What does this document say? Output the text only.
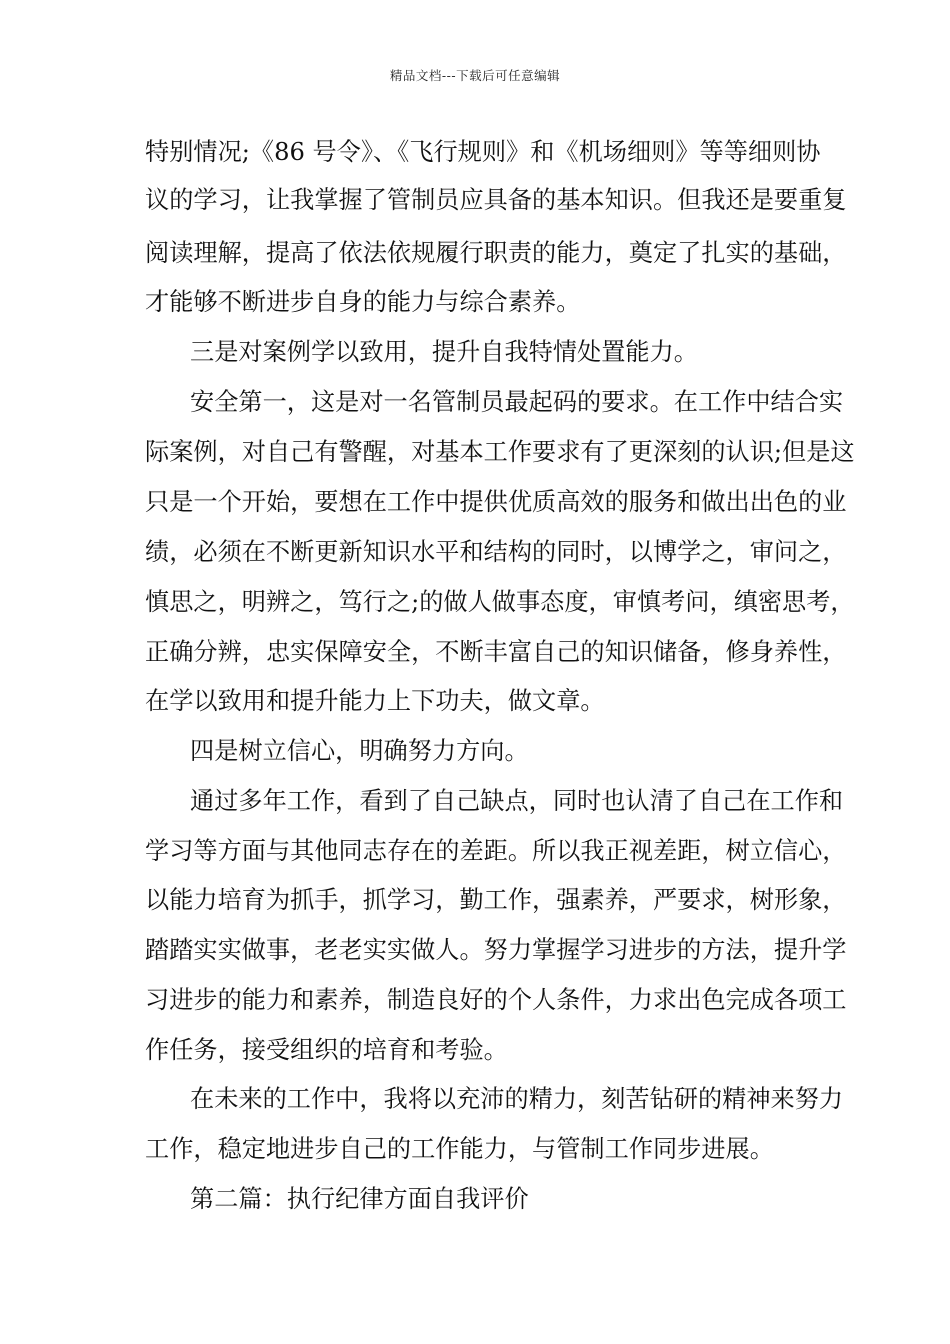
精品文档---下载后可任意编辑
特别情况;《86 号令》、《飞行规则》和《机场细则》等等细则协
议的学习，让我掌握了管制员应具备的基本知识。但我还是要重复
阅读理解，提高了依法依规履行职责的能力，奠定了扎实的基础，
才能够不断进步自身的能力与综合素养。
三是对案例学以致用，提升自我特情处置能力。
安全第一，这是对一名管制员最起码的要求。在工作中结合实
际案例，对自己有警醒，对基本工作要求有了更深刻的认识;但是这
只是一个开始，要想在工作中提供优质高效的服务和做出出色的业
绩，必须在不断更新知识水平和结构的同时，以博学之，审问之，
慎思之，明辨之，笃行之;的做人做事态度，审慎考问，缜密思考，
正确分辨，忠实保障安全，不断丰富自己的知识储备，修身养性，
在学以致用和提升能力上下功夫，做文章。
四是树立信心，明确努力方向。
通过多年工作，看到了自己缺点，同时也认清了自己在工作和
学习等方面与其他同志存在的差距。所以我正视差距，树立信心，
以能力培育为抓手，抓学习，勤工作，强素养，严要求，树形象，
踏踏实实做事，老老实实做人。努力掌握学习进步的方法，提升学
习进步的能力和素养，制造良好的个人条件，力求出色完成各项工
作任务，接受组织的培育和考验。
在未来的工作中，我将以充沛的精力，刻苦钻研的精神来努力
工作，稳定地进步自己的工作能力，与管制工作同步进展。
第二篇：执行纪律方面自我评价
